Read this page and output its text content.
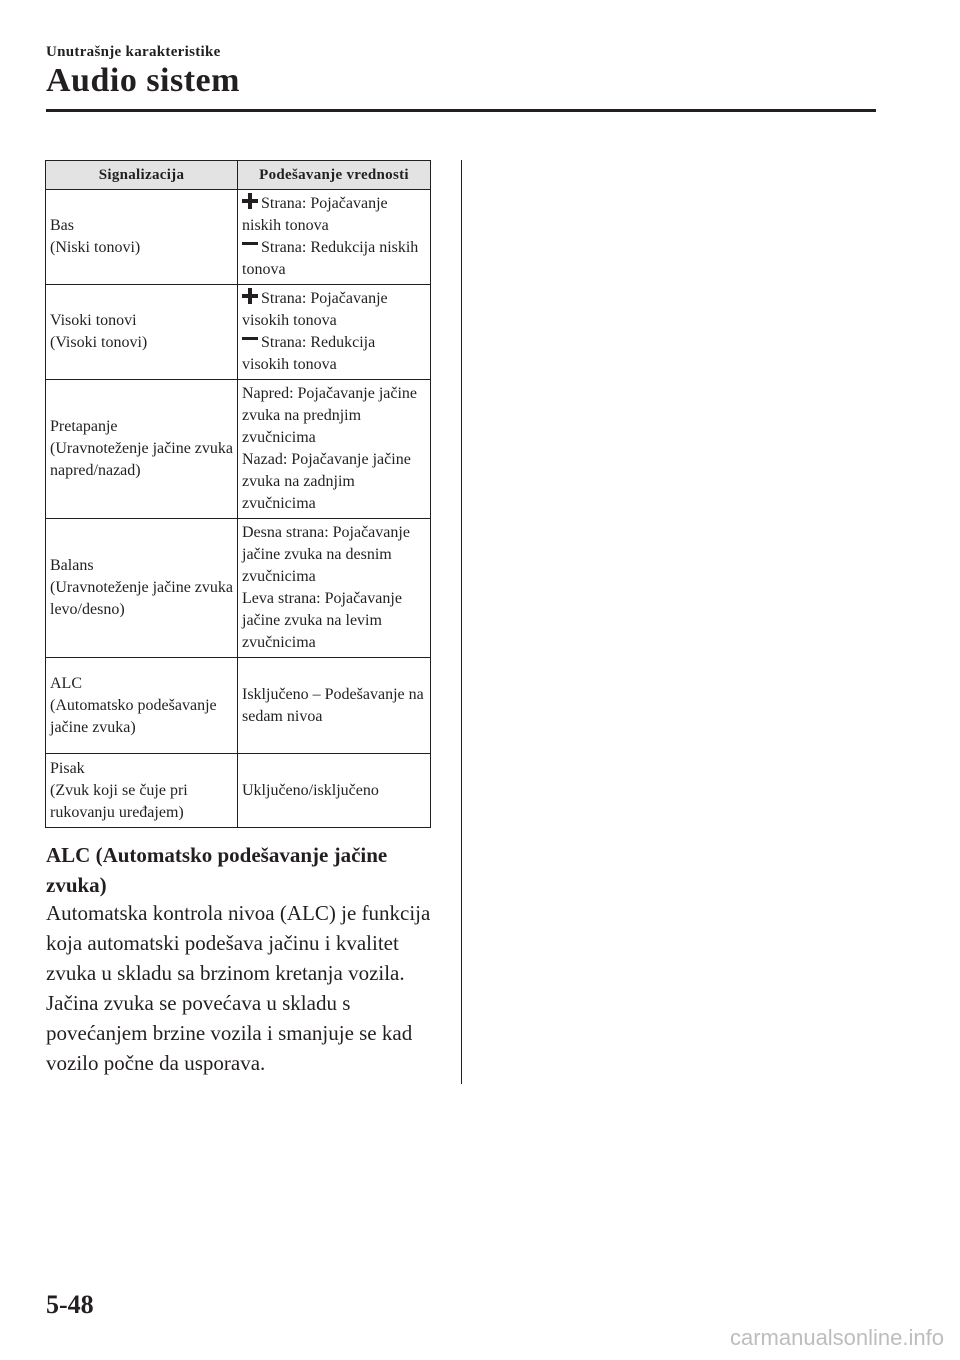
Unutrašnje karakteristike
Audio sistem
Signalizacija	Podešavanje vrednosti

Bas
(Niski tonovi)	Strana: Pojačavanje niskih tonova
Strana: Redukcija niskih tonova

Visoki tonovi
(Visoki tonovi)	Strana: Pojačavanje visokih tonova
Strana: Redukcija visokih tonova

Pretapanje
(Uravnoteženje jačine zvuka napred/nazad)	Napred: Pojačavanje jačine zvuka na prednjim zvučnicima
Nazad: Pojačavanje jačine zvuka na zadnjim zvučnicima

Balans
(Uravnoteženje jačine zvuka levo/desno)	Desna strana: Pojačavanje jačine zvuka na desnim zvučnicima
Leva strana: Pojačavanje jačine zvuka na levim zvučnicima

ALC
(Automatsko podešavanje jačine zvuka)	Isključeno – Podešavanje na sedam nivoa

Pisak
(Zvuk koji se čuje pri rukovanju uređajem)	Uključeno/isključeno
ALC (Automatsko podešavanje jačine zvuka)
Automatska kontrola nivoa (ALC) je funkcija koja automatski podešava jačinu i kvalitet zvuka u skladu sa brzinom kretanja vozila. Jačina zvuka se povećava u skladu s povećanjem brzine vozila i smanjuje se kad vozilo počne da usporava.
5-48
carmanualsonline.info
